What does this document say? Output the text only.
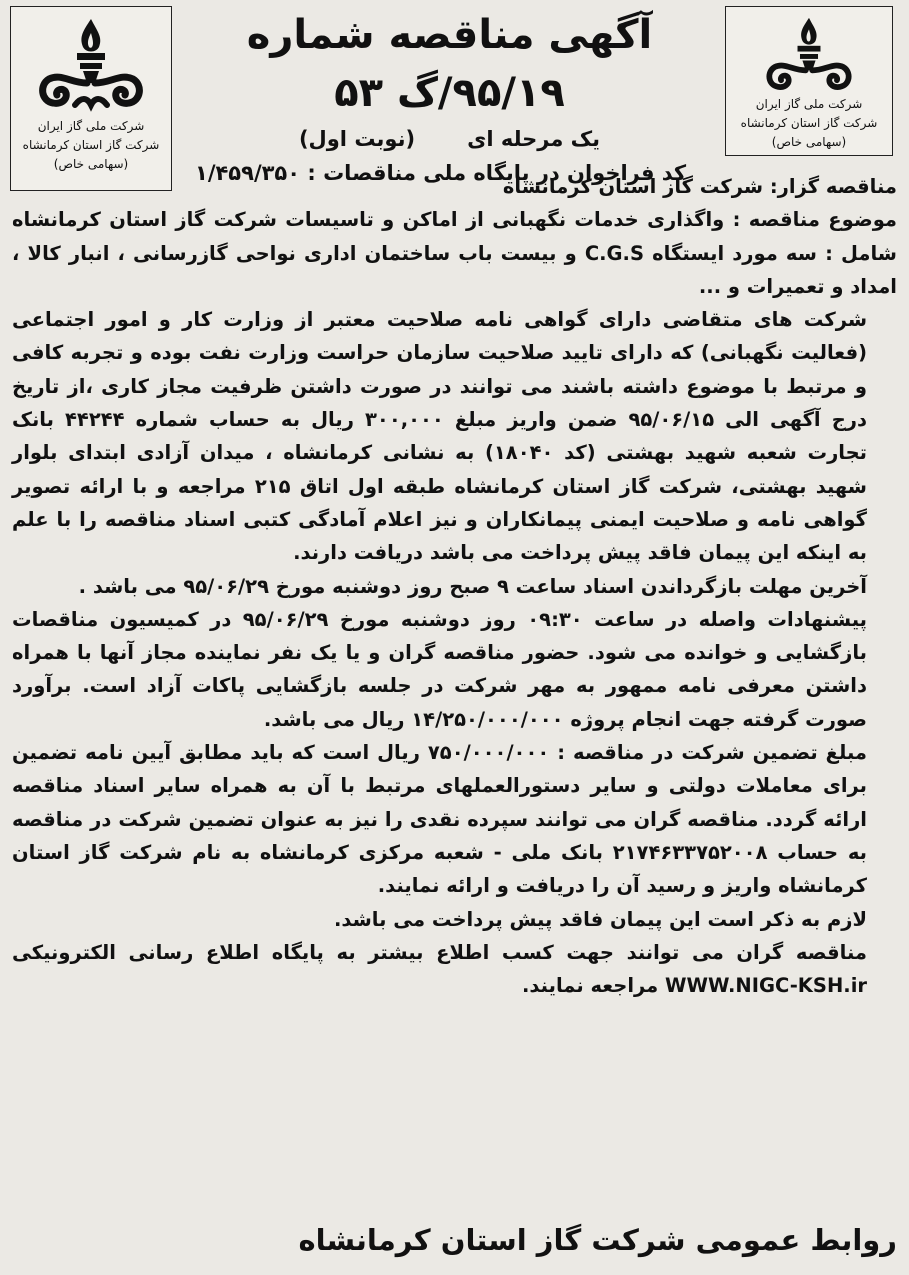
شرکت ملی گاز ایران
شرکت گاز استان کرمانشاه
(سهامی خاص)
شرکت ملی گاز ایران
شرکت گاز استان کرمانشاه
(سهامی خاص)
آگهی مناقصه شماره ۹۵/۱۹/گ ۵۳
یک مرحله ای(نوبت اول)
کد فراخوان در پایگاه ملی مناقصات : ۱/۴۵۹/۳۵۰

مناقصه گزار: شرکت گاز استان کرمانشاه

موضوع مناقصه : واگذاری خدمات نگهبانی از اماکن و تاسیسات شرکت گاز استان کرمانشاه شامل : سه مورد ایستگاه C.G.S و بیست باب ساختمان اداری نواحی گازرسانی ، انبار کالا ، امداد و تعمیرات و ...

شرکت های متقاضی دارای گواهی نامه صلاحیت معتبر از وزارت کار و امور اجتماعی (فعالیت نگهبانی) که دارای تایید صلاحیت سازمان حراست وزارت نفت بوده و تجربه کافی و مرتبط با موضوع داشته باشند می توانند در صورت داشتن ظرفیت مجاز کاری ،از تاریخ درج آگهی الی ۹۵/۰۶/۱۵ ضمن واریز مبلغ ۳۰۰,۰۰۰ ریال به حساب شماره ۴۴۲۴۴ بانک تجارت شعبه شهید بهشتی (کد ۱۸۰۴۰) به نشانی کرمانشاه ، میدان آزادی ابتدای بلوار شهید بهشتی، شرکت گاز استان کرمانشاه طبقه اول اتاق ۲۱۵ مراجعه و با ارائه تصویر گواهی نامه و صلاحیت ایمنی پیمانکاران و نیز اعلام آمادگی کتبی اسناد مناقصه را با علم به اینکه این پیمان فاقد پیش پرداخت می باشد دریافت دارند.

آخرین مهلت بازگرداندن اسناد ساعت ۹ صبح روز دوشنبه مورخ ۹۵/۰۶/۲۹ می باشد .

پیشنهادات واصله در ساعت ۰۹:۳۰ روز دوشنبه مورخ ۹۵/۰۶/۲۹ در کمیسیون مناقصات بازگشایی و خوانده می شود. حضور مناقصه گران و یا یک نفر نماینده مجاز آنها با همراه داشتن معرفی نامه ممهور به مهر شرکت در جلسه بازگشایی پاکات آزاد است. برآورد صورت گرفته جهت انجام پروژه ۱۴/۲۵۰/۰۰۰/۰۰۰ ریال می باشد.

مبلغ تضمین شرکت در مناقصه : ۷۵۰/۰۰۰/۰۰۰ ریال است که باید مطابق آیین نامه تضمین برای معاملات دولتی و سایر دستورالعملهای مرتبط با آن به همراه سایر اسناد مناقصه ارائه گردد. مناقصه گران می توانند سپرده نقدی را نیز به عنوان تضمین شرکت در مناقصه به حساب ۲۱۷۴۶۳۳۷۵۲۰۰۸ بانک ملی - شعبه مرکزی کرمانشاه به نام شرکت گاز استان کرمانشاه واریز و رسید آن را دریافت و ارائه نمایند.

لازم به ذکر است این پیمان فاقد پیش پرداخت می باشد.

مناقصه گران می توانند جهت کسب اطلاع بیشتر به پایگاه اطلاع رسانی الکترونیکی WWW.NIGC-KSH.ir مراجعه نمایند.

روابط عمومی شرکت گاز استان کرمانشاه
